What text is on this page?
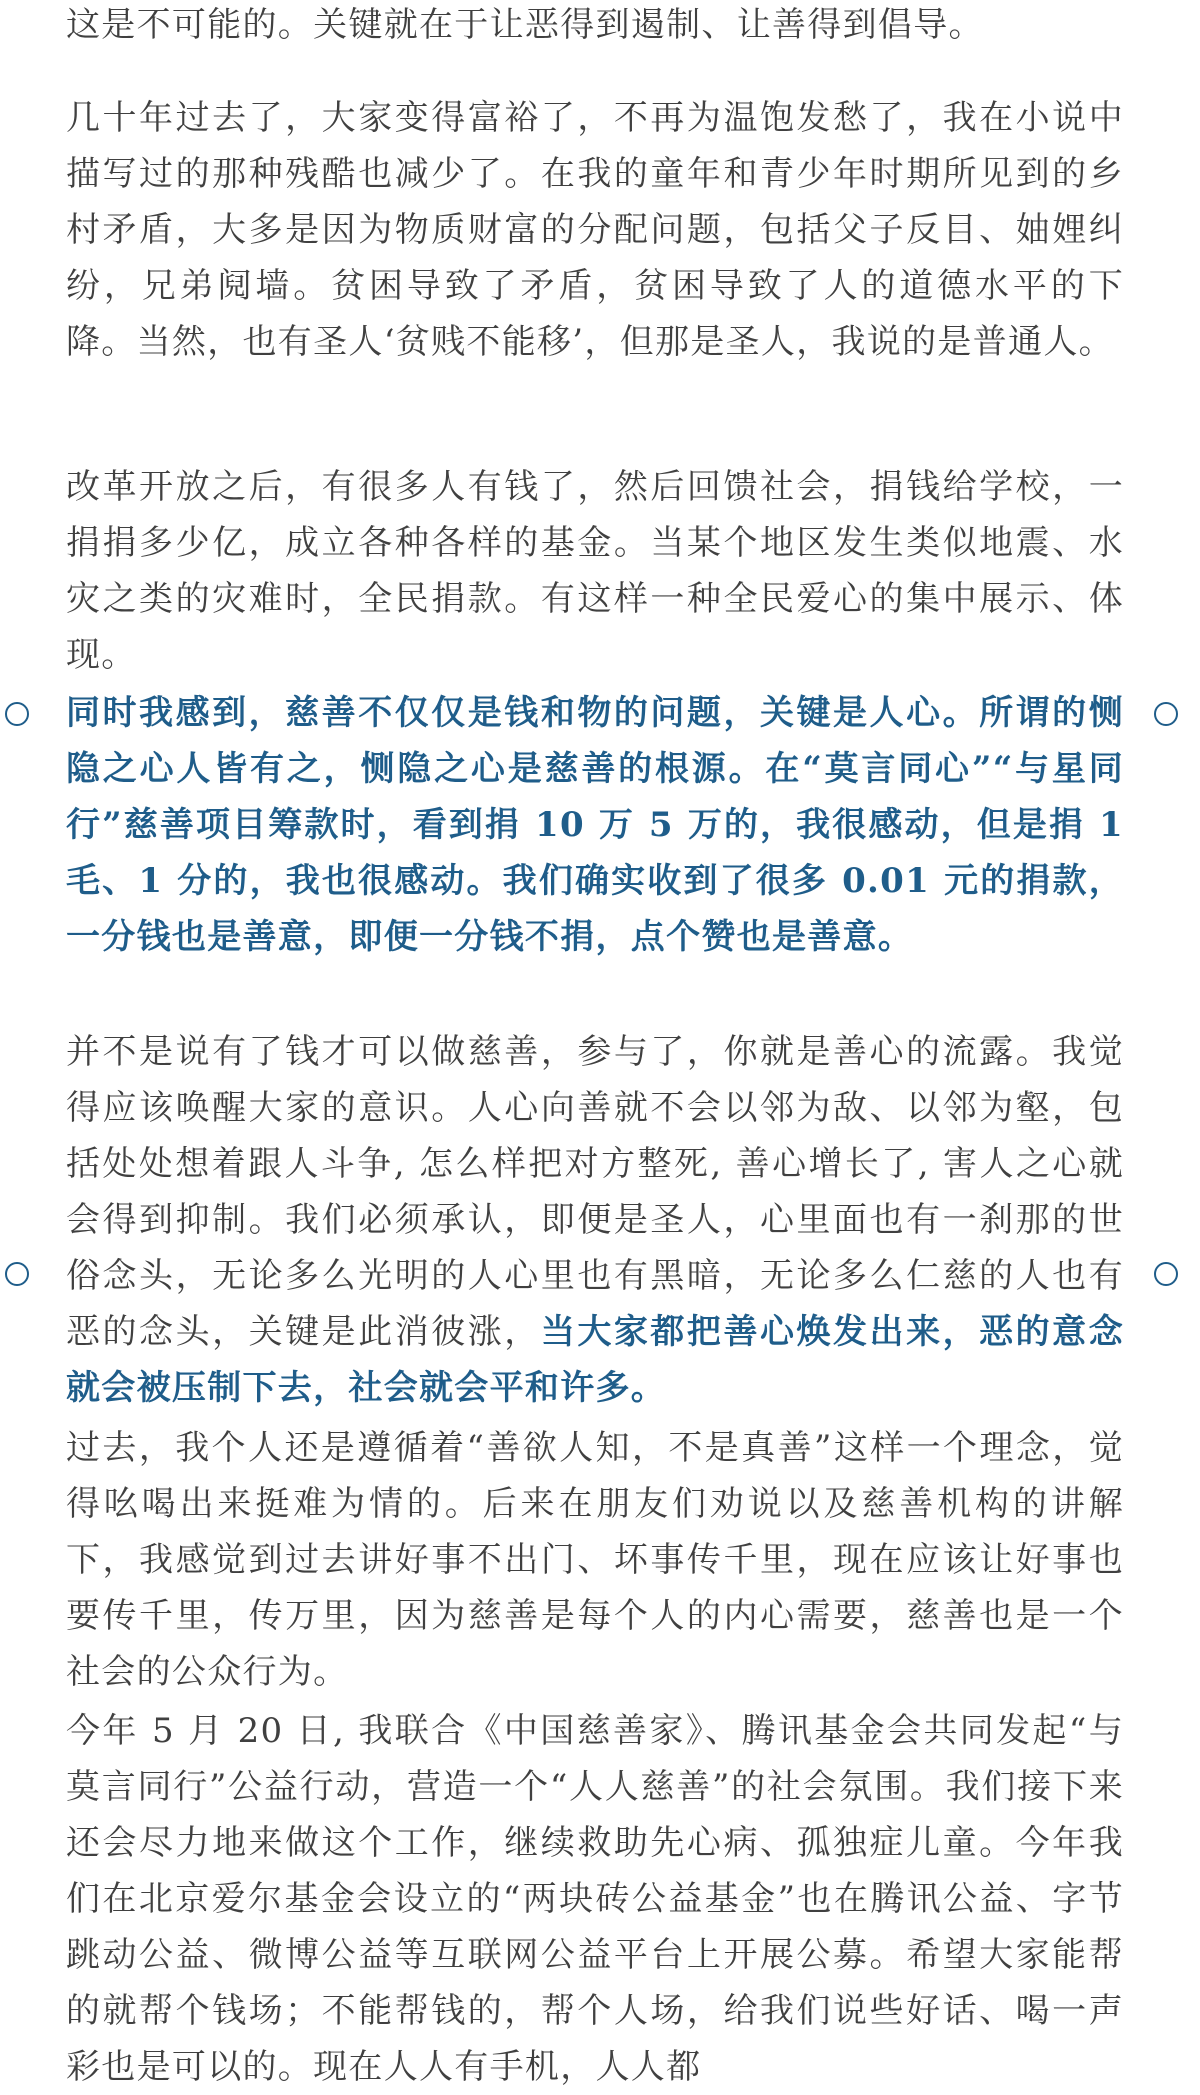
这是不可能的。关键就在于让恶得到遏制、让善得到倡导。

几十年过去了，大家变得富裕了，不再为温饱发愁了，我在小说中描写过的那种残酷也减少了。在我的童年和青少年时期所见到的乡村矛盾，大多是因为物质财富的分配问题，包括父子反目、妯娌纠纷，兄弟阋墙。贫困导致了矛盾，贫困导致了人的道德水平的下降。当然，也有圣人‘贫贱不能移’，但那是圣人，我说的是普通人。

改革开放之后，有很多人有钱了，然后回馈社会，捐钱给学校，一捐捐多少亿，成立各种各样的基金。当某个地区发生类似地震、水灾之类的灾难时，全民捐款。有这样一种全民爱心的集中展示、体现。

同时我感到，慈善不仅仅是钱和物的问题，关键是人心。所谓的恻隐之心人皆有之，恻隐之心是慈善的根源。在“莫言同心”“与星同行”慈善项目筹款时，看到捐 10 万 5 万的，我很感动，但是捐 1 毛、1 分的，我也很感动。我们确实收到了很多 0.01 元的捐款，一分钱也是善意，即便一分钱不捐，点个赞也是善意。

并不是说有了钱才可以做慈善，参与了，你就是善心的流露。我觉得应该唤醒大家的意识。人心向善就不会以邻为敌、以邻为壑，包括处处想着跟人斗争, 怎么样把对方整死, 善心增长了, 害人之心就会得到抑制。我们必须承认，即便是圣人，心里面也有一刹那的世俗念头，无论多么光明的人心里也有黑暗，无论多么仁慈的人也有恶的念头，关键是此消彼涨，当大家都把善心焕发出来，恶的意念就会被压制下去，社会就会平和许多。

过去，我个人还是遵循着“善欲人知，不是真善”这样一个理念，觉得吆喝出来挺难为情的。后来在朋友们劝说以及慈善机构的讲解下，我感觉到过去讲好事不出门、坏事传千里，现在应该让好事也要传千里，传万里，因为慈善是每个人的内心需要，慈善也是一个社会的公众行为。

今年 5 月 20 日, 我联合《中国慈善家》、腾讯基金会共同发起“与莫言同行”公益行动，营造一个“人人慈善”的社会氛围。我们接下来还会尽力地来做这个工作，继续救助先心病、孤独症儿童。今年我们在北京爱尔基金会设立的“两块砖公益基金”也在腾讯公益、字节跳动公益、微博公益等互联网公益平台上开展公募。希望大家能帮的就帮个钱场；不能帮钱的，帮个人场，给我们说些好话、喝一声彩也是可以的。现在人人有手机，人人都
